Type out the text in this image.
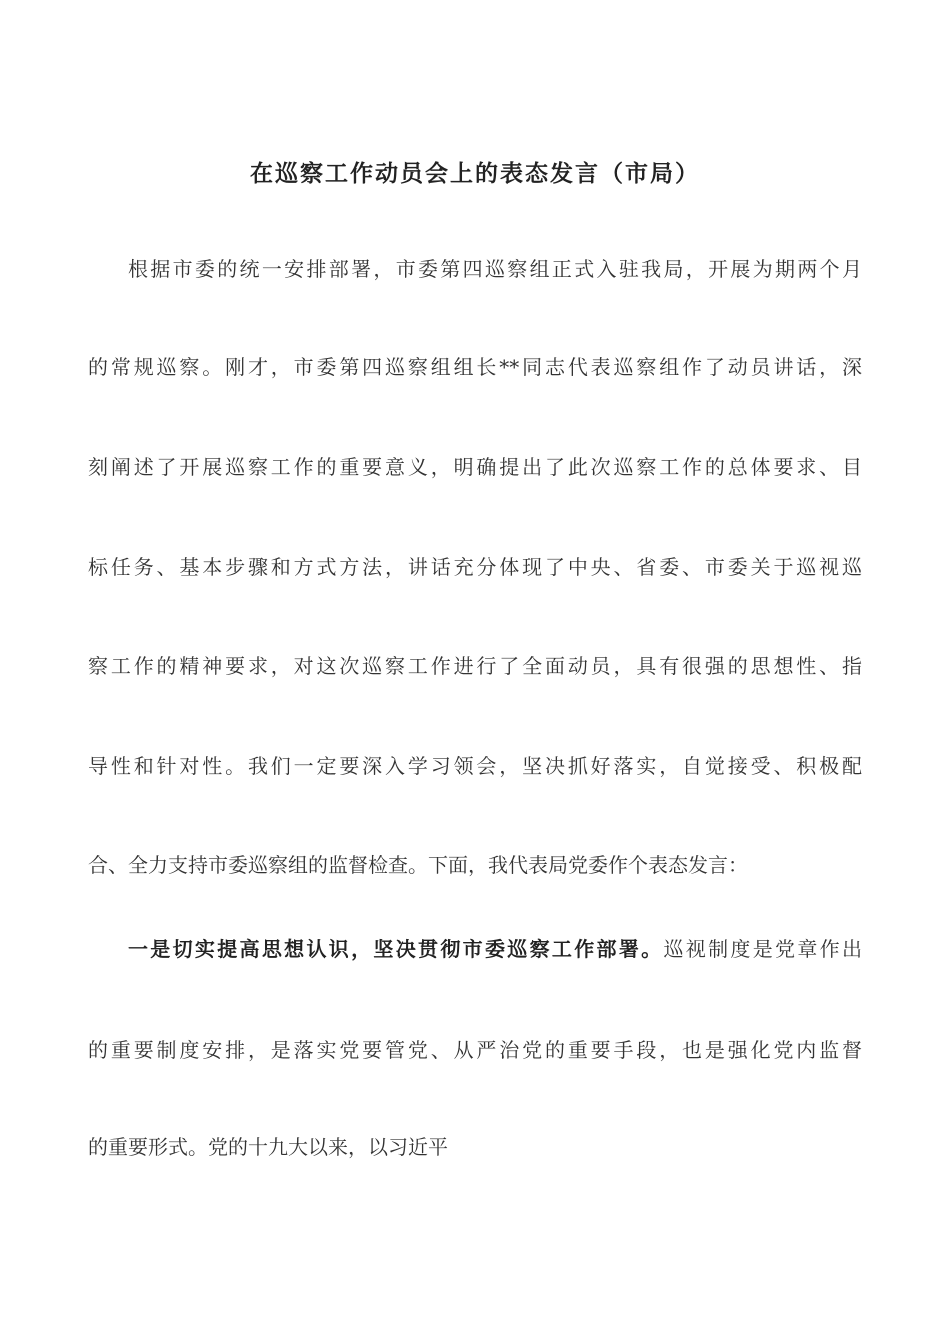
在巡察工作动员会上的表态发言（市局）
根据市委的统一安排部署，市委第四巡察组正式入驻我局，开展为期两个月
的常规巡察。刚才，市委第四巡察组组长**同志代表巡察组作了动员讲话，深
刻阐述了开展巡察工作的重要意义，明确提出了此次巡察工作的总体要求、目
标任务、基本步骤和方式方法，讲话充分体现了中央、省委、市委关于巡视巡
察工作的精神要求，对这次巡察工作进行了全面动员，具有很强的思想性、指
导性和针对性。我们一定要深入学习领会，坚决抓好落实，自觉接受、积极配
合、全力支持市委巡察组的监督检查。下面，我代表局党委作个表态发言：
一是切实提高思想认识，坚决贯彻市委巡察工作部署。巡视制度是党章作出
的重要制度安排，是落实党要管党、从严治党的重要手段，也是强化党内监督
的重要形式。党的十九大以来，以习近平
